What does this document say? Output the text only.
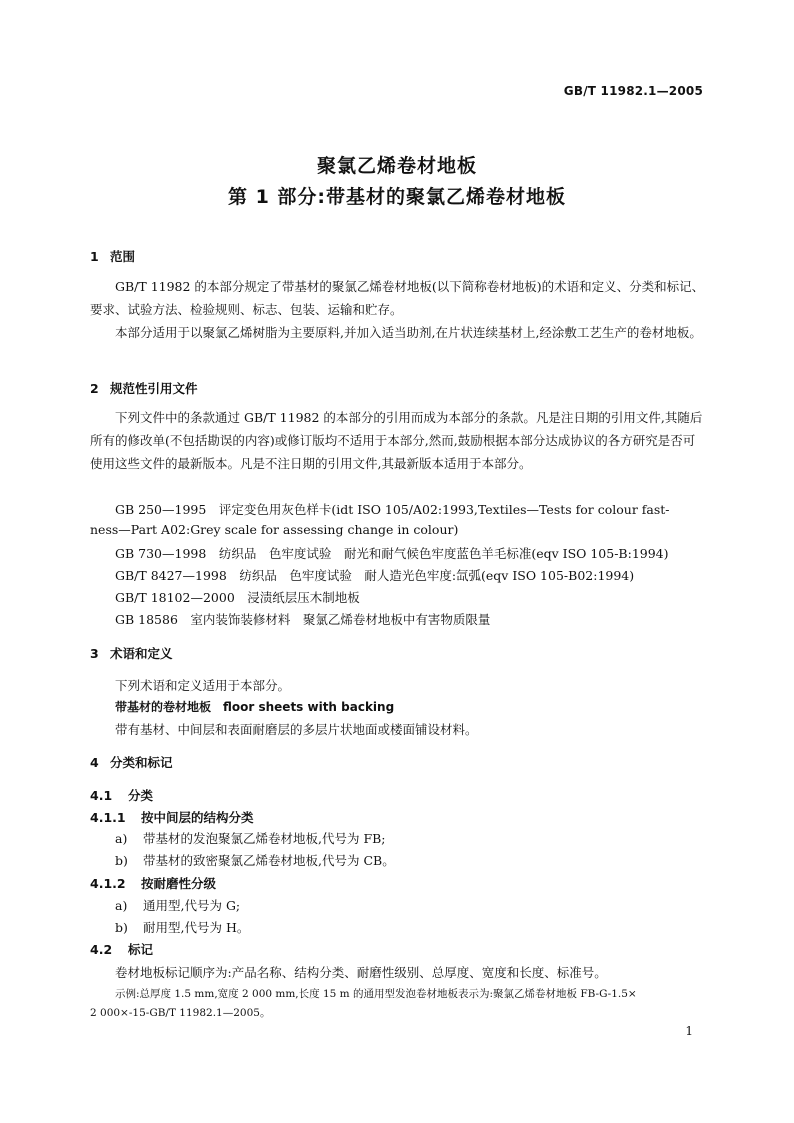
GB/T 11982.1—2005
聚氯乙烯卷材地板
第 1 部分:带基材的聚氯乙烯卷材地板
1 范围
GB/T 11982 的本部分规定了带基材的聚氯乙烯卷材地板(以下简称卷材地板)的术语和定义、分类和标记、要求、试验方法、检验规则、标志、包装、运输和贮存。
本部分适用于以聚氯乙烯树脂为主要原料,并加入适当助剂,在片状连续基材上,经涂敷工艺生产的卷材地板。
2 规范性引用文件
下列文件中的条款通过 GB/T 11982 的本部分的引用而成为本部分的条款。凡是注日期的引用文件,其随后所有的修改单(不包括勘误的内容)或修订版均不适用于本部分,然而,鼓励根据本部分达成协议的各方研究是否可使用这些文件的最新版本。凡是不注日期的引用文件,其最新版本适用于本部分。
GB 250—1995　评定变色用灰色样卡(idt ISO 105/A02:1993,Textiles—Tests for colour fast-
ness—Part A02:Grey scale for assessing change in colour)
GB 730—1998　纺织品　色牢度试验　耐光和耐气候色牢度蓝色羊毛标准(eqv ISO 105-B:1994)
GB/T 8427—1998　纺织品　色牢度试验　耐人造光色牢度:氙弧(eqv ISO 105-B02:1994)
GB/T 18102—2000　浸渍纸层压木制地板
GB 18586　室内装饰装修材料　聚氯乙烯卷材地板中有害物质限量
3 术语和定义
下列术语和定义适用于本部分。
带基材的卷材地板　floor sheets with backing
带有基材、中间层和表面耐磨层的多层片状地面或楼面铺设材料。
4 分类和标记
4.1 分类
4.1.1 按中间层的结构分类
a) 带基材的发泡聚氯乙烯卷材地板,代号为 FB;
b) 带基材的致密聚氯乙烯卷材地板,代号为 CB。
4.1.2 按耐磨性分级
a) 通用型,代号为 G;
b) 耐用型,代号为 H。
4.2 标记
卷材地板标记顺序为:产品名称、结构分类、耐磨性级别、总厚度、宽度和长度、标准号。
示例:总厚度 1.5 mm,宽度 2 000 mm,长度 15 m 的通用型发泡卷材地板表示为:聚氯乙烯卷材地板 FB-G-1.5×
2 000×-15-GB/T 11982.1—2005。
1
